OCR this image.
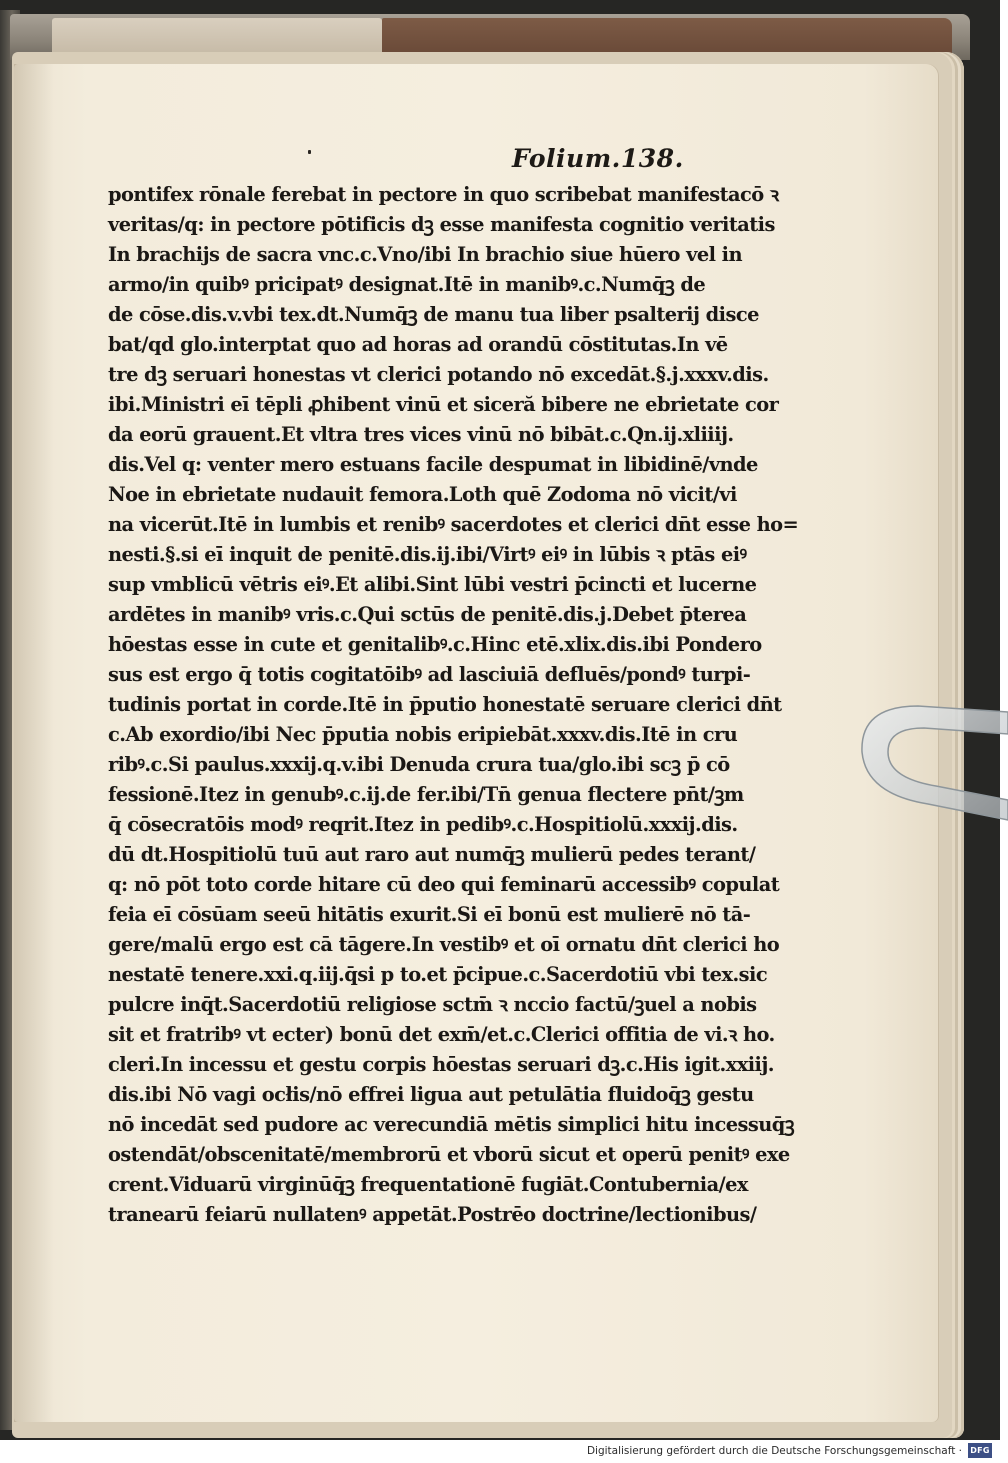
Folium.138.
pontifex rōnale ferebat in pectore in quo scribebat manifestacō ꝛ
veritas/q: in pectore pōtificis dꝫ esse manifesta cognitio veritatis
In brachijs de sacra vnc.c.Vno/ibi In brachio siue hūero vel in
armo/in quibꝰ pricipatꝰ designat.Itē in manibꝰ.c.Numq̄ꝫ de
de cōse.dis.v.vbi tex.dt.Numq̄ꝫ de manu tua liber psalterij disce
bat/qd glo.interptat quo ad horas ad orandū cōstitutas.In vē
tre dꝫ seruari honestas vt clerici potando nō excedāt.§.j.xxxv.dis.
ibi.Ministri eī tēpli ꝓhibent vinū et siceră bibere ne ebrietate cor
da eorū grauent.Et vltra tres vices vinū nō bibāt.c.Qn.ij.xliiij.
dis.Vel q: venter mero estuans facile despumat in libidinē/vnde
Noe in ebrietate nudauit femora.Loth quē Zodoma nō vicit/vi
na vicerūt.Itē in lumbis et renibꝰ sacerdotes et clerici dn̄t esse ho=
nesti.§.si eī inquit de penitē.dis.ij.ibi/Virtꝰ eiꝰ in lūbis ꝛ ptās eiꝰ
sup vmblicū vētris eiꝰ.Et alibi.Sint lūbi vestri p̄cincti et lucerne
ardētes in manibꝰ vris.c.Qui sctūs de penitē.dis.j.Debet p̄terea
hōestas esse in cute et genitalibꝰ.c.Hinc etē.xlix.dis.ibi Pondero
sus est ergo q̄ totis cogitatōibꝰ ad lasciuiā defluēs/pondꝰ turpi-
tudinis portat in corde.Itē in p̄putio honestatē seruare clerici dn̄t
c.Ab exordio/ibi Nec p̄putia nobis eripiebāt.xxxv.dis.Itē in cru
ribꝰ.c.Si paulus.xxxij.q.v.ibi Denuda crura tua/glo.ibi scꝫ p̄ cō
fessionē.Itez in genubꝰ.c.ij.de fer.ibi/Tn̄ genua flectere pn̄t/ꝫm
q̄ cōsecratōis modꝰ reqrit.Itez in pedibꝰ.c.Hospitiolū.xxxij.dis.
dū dt.Hospitiolū tuū aut raro aut numq̄ꝫ mulierū pedes terant/
q: nō pōt toto corde hitare cū deo qui feminarū accessibꝰ copulat
feia eī cōsūam seeū hitātis exurit.Si eī bonū est mulierē nō tā-
gere/malū ergo est cā tāgere.In vestibꝰ et oī ornatu dn̄t clerici ho
nestatē tenere.xxi.q.iij.q̄si p to.et p̄cipue.c.Sacerdotiū vbi tex.sic
pulcre inq̄t.Sacerdotiū religiose sctm̄ ꝛ nccio factū/ꝫuel a nobis
sit et fratribꝰ vt ecter) bonū det exm̄/et.c.Clerici offitia de vi.ꝛ ho.
cleri.In incessu et gestu corpis hōestas seruari dꝫ.c.His igit.xxiij.
dis.ibi Nō vagi ocłis/nō effrei ligua aut petulātia fluidoq̄ꝫ gestu
nō incedāt sed pudore ac verecundiā mētis simplici hitu incessuq̄ꝫ
ostendāt/obscenitatē/membrorū et vborū sicut et operū penitꝰ exe
crent.Viduarū virginūq̄ꝫ frequentationē fugiāt.Contubernia/ex
tranearū feiarū nullatenꝰ appetāt.Postrēo doctrine/lectionibus/
Digitalisierung gefördert durch die Deutsche Forschungsgemeinschaft · DFG
